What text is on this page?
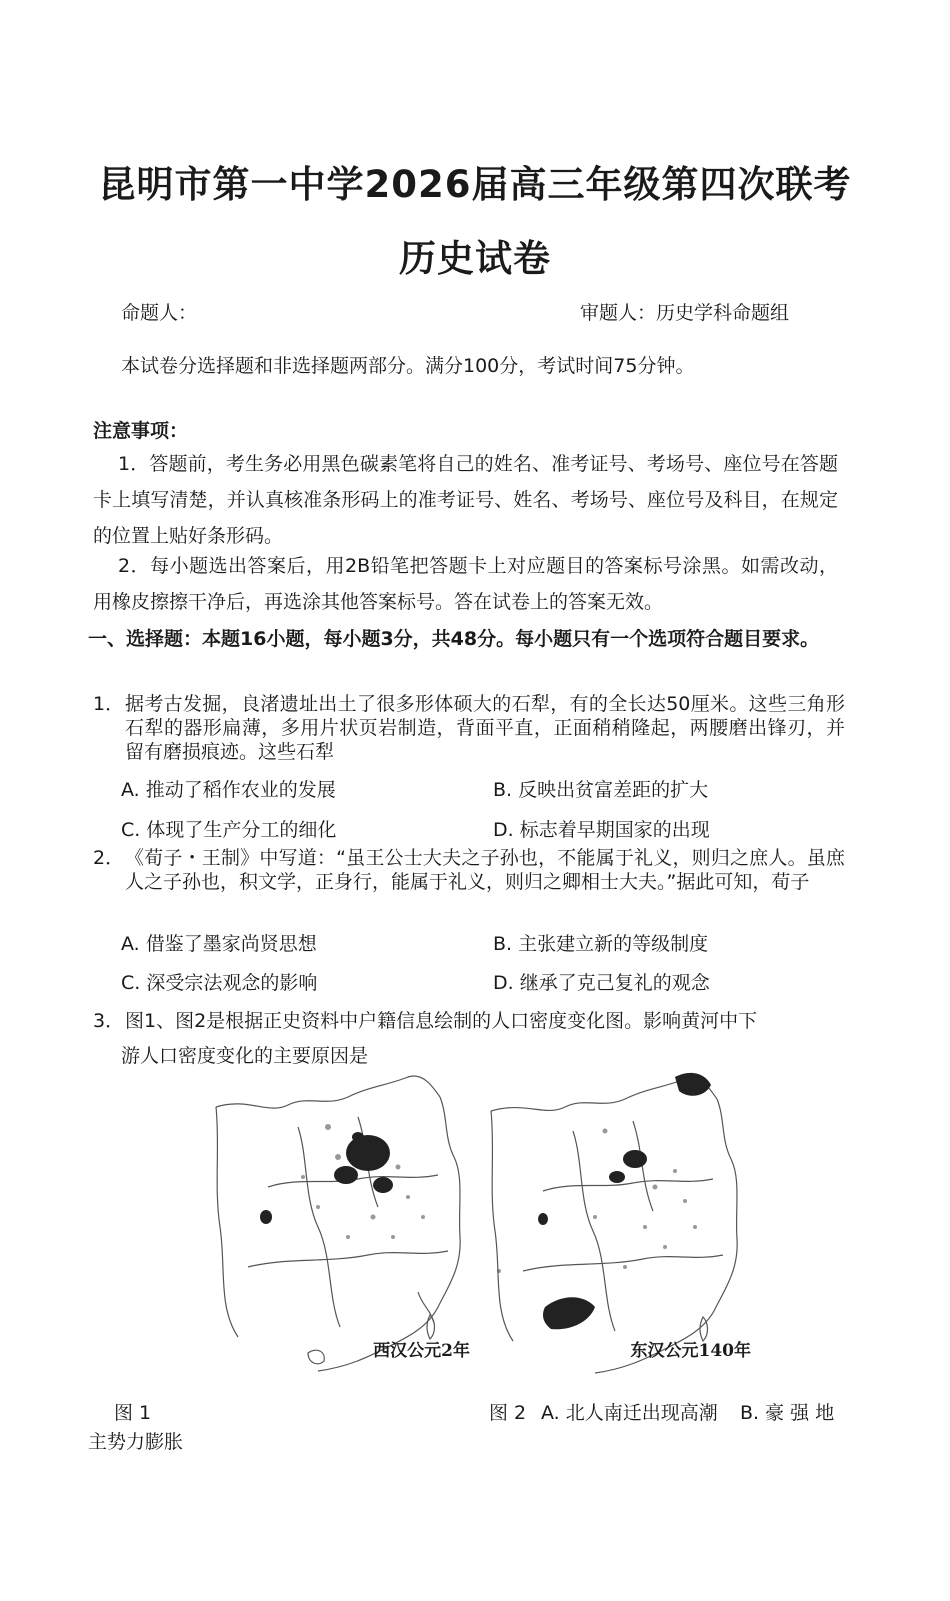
昆明市第一中学2026届高三年级第四次联考
历史试卷
命题人：	审题人：历史学科命题组
本试卷分选择题和非选择题两部分。满分100分，考试时间75分钟。
注意事项：
1．答题前，考生务必用黑色碳素笔将自己的姓名、准考证号、考场号、座位号在答题卡上填写清楚，并认真核准条形码上的准考证号、姓名、考场号、座位号及科目，在规定的位置上贴好条形码。
2．每小题选出答案后，用2B铅笔把答题卡上对应题目的答案标号涂黑。如需改动，用橡皮擦擦干净后，再选涂其他答案标号。答在试卷上的答案无效。
一、选择题：本题16小题，每小题3分，共48分。每小题只有一个选项符合题目要求。
1． 据考古发掘，良渚遗址出土了很多形体硕大的石犁，有的全长达50厘米。这些三角形石犁的器形扁薄，多用片状页岩制造，背面平直，正面稍稍隆起，两腰磨出锋刃，并留有磨损痕迹。这些石犁
A. 推动了稻作农业的发展	B. 反映出贫富差距的扩大
C. 体现了生产分工的细化	D. 标志着早期国家的出现
2． 《荀子・王制》中写道：“虽王公士大夫之子孙也，不能属于礼义，则归之庶人。虽庶人之子孙也，积文学，正身行，能属于礼义，则归之卿相士大夫。”据此可知，荀子
A. 借鉴了墨家尚贤思想	B. 主张建立新的等级制度
C. 深受宗法观念的影响	D. 继承了克己复礼的观念
3． 图1、图2是根据正史资料中户籍信息绘制的人口密度变化图。影响黄河中下
游人口密度变化的主要原因是
西汉公元2年	东汉公元140年
图 1	图 2 A. 北人南迁出现高潮 B. 豪 强 地
主势力膨胀
